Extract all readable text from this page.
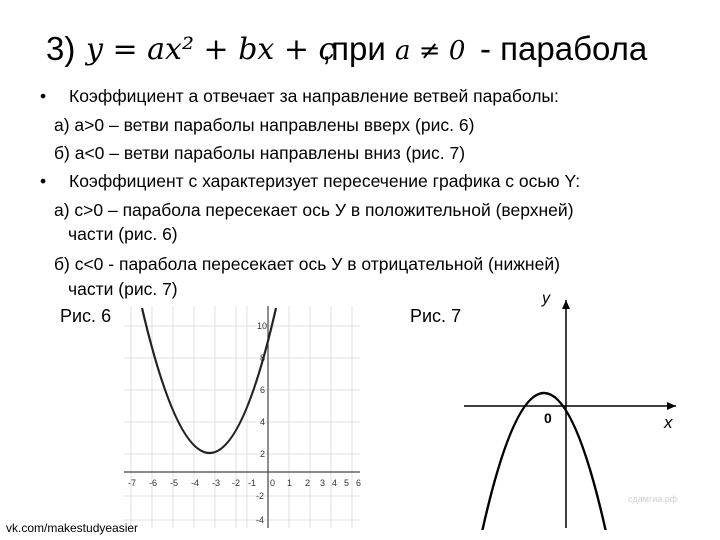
3) y = ax² + bx + c
,при a ≠ 0 - парабола
• Коэффициент a отвечает за направление ветвей параболы:
а) a>0 – ветви параболы направлены вверх (рис. 6)
б) a<0 – ветви параболы направлены вниз (рис. 7)
• Коэффициент c характеризует пересечение графика с осью Y:
а) c>0 – парабола пересекает ось У в положительной (верхней)
части (рис. 6)
б) c<0 - парабола пересекает ось У в отрицательной (нижней)
части (рис. 7)
Рис. 6	Рис. 7
-7 -6 -5 -4 -3 -2 -1 0 1 2 3 4 5 6
10
8
6
4
2
-2
-4
y
x
0
сдамгиа.рф
vk.com/makestudyeasier
